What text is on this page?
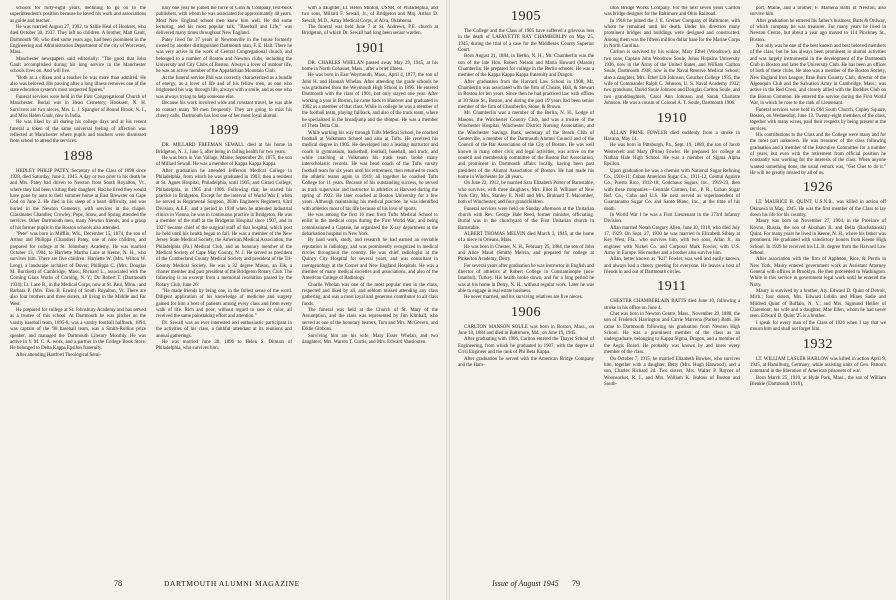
schools for forty-eight years, declining to go on to the superintendent's position because he loved his work and associations as guide and teacher.

He was married August 27, 1902, to Sallie Heal of Hookset, who died October 30, 1937. They left no children. A brother, Matt Gault, Dartmouth '90, who died some years ago, had been prominent in the Engineering and Administration Department of the city of Worcester, Mass.

Manchester newspapers said editorially: "The good that John Gault accomplished during his long service in the Manchester schools lives on. And will live.

"Both as a citizen and a teacher he was more than admired. He also was beloved. His passing after a long illness removes one of the state education system's most respected figures."

Funeral services were held in the First Congregational Church of Manchester. Burial was in Head Cemetery, Hooksett, N. H. Survivors are two nieces, Mrs. L. J. Spangler of Bound Brook, N. J., and Miss Helen Gault, now in India.

He was liked by all during his college days and at his recent funeral a token of the same universal feeling of affection was reflected at Manchester where pupils and teachers were dismissed from school to attend the services.

1898

HEDLEY PHILIP PATEY, Secretary of the Class of 1898 since 1928, died Saturday, June 2, 1945. A day or two prior to his death he and Mrs. Patey had driven to Newton from South Royalton, Vt., where they had been visiting their daughter. Had he lived they would have gone by auto to their summer home at East Brewster on Cape Cod on June 2. He died in his sleep of a heart difficulty, and was buried in the Newton Cemetery, with services in the chapel. Classmates Chandler, Crowley, Pope, Snow, and Spring attended the services. Other Dartmouth men, many Newton friends, and a group of his former pupils in the Boston schools also attended.

"Pete" was born in Mifflin, Wis., December 15, 1874, the son of Arthur and Philippa (Chandler) Patey, one of nine children, and prepared for college at St. Johnsbury Academy. He was married October 13, 1904, to Harriette Martha Lane at Keene, N. H., who survives him. There are five children: Harriette W. (Mrs. Wilton W. Long), a landscape architect of Dover; Phillippa C. (Mrs. Douglas M. Burckett) of Cambridge, Mass.; Richard L., associated with the Corning Glass Works of Corning, N. Y.; Dr. Robert T. (Dartmouth 1934); Lt. Lane B., in the Medical Corps, now at St. Paul, Minn.; and Barbara P. (Mrs. Elen B. Erwin) of South Royalton, Vt. There are also four brothers and three sisters, all living in the Middle and Far West.

He prepared for college at St. Johnsbury Academy and has served as a trustee of this school. At Dartmouth he was pitcher on the varsity baseball team, 1895-8, was a varsity football halfback, 1894, was captain of the '98 baseball team, was a Smith-Rollins prize speaker, and managed the Dartmouth Literary Monthly. He was active in Y. M. C. A. work, and a partner in the College Book Store. He belonged to Delta Kappa Epsilon fraternity.

After attending Hartford Theological Semi-

nary one year he joined the force of Ginn & Company, text-book publishers, with whom he was associated for approximately 40 years. Most New England school men knew him well. He did some lecturing, and his most popular talk, "Baseball and Life," was delivered many times throughout New England.

Patey lived for 37 years in Newtonville in the house formerly owned by another distinguished Dartmouth man, F. E. Hall. There he was very active in the work of Central Congregational church, and belonged to a number of Boston and Newton clubs, including the University and City Clubs of Boston. Always a lover of outdoor life, he was an active member of the Appalachian Mountain Club.

At the funeral service Phil was correctly characterized as a bundle of energy, as a lover of life and of his fellow men, as one who brightened his way through life, always with a smile, and as one who was always trying to help someone else.

Because his work involved wide and constant travel, he was able to contact many '98 men frequently. They are going to miss his cheery calls. Dartmouth has lost one of her most loyal alumni.

1899

DR. MILLARD FREEMAN SEWALL died at his home in Bridgeton, N. J., June 5, after being in failing health for two years.

He was born in Van Vallage, Maine, September 28, 1875, the son of Millard Sewall. He was a member of Kappa Kappa Kappa.

After graduation he attended Jefferson Medical College in Philadelphia, from which he was graduated in 1903; then a resident at St. Agnes Hospital, Philadelphia, until 1905, and Girard College, Philadelphia, in 1905 and 1906. Following that, he started his practice in Bridgeton. Except for the interval of World War I, when he served as Regimental Surgeon, 303th Engineers Regiment, 83rd Division, A.E.F., and a period in 1930 when he attended industrial clinics in Vienna, he was in continuous practice in Bridgeton. He was a member of the staff at the Bridgeton Hospital since 1907, and in 1927 became chief of the surgical staff of that hospital, which post he held until his health began to fail. He was a member of the New Jersey State Medical Society, the American Medical Association, the Philadelphia (Pa.) Medical Club, and an honorary member of the Medical Society of Cape May County, N. J. He served as president of the Cumberland County Medical Society and president of the Tri-County Medical Society. He was a 32 degree Mason, an Elk, a charter member and past president of the Bridgeton Rotary Club. The following is an excerpt from a memorial resolution passed by the Rotary Club, June 26:

"He made friends by being one, in the fullest sense of the word. Diligent application of his knowledge of medicine and surgery gained for him a host of patients among every class and from every walk of life. Rich and poor, without regard to race or color, all received the same painstaking effort and attention."

Dr. Sewall was an ever interested and enthusiastic participant in the activities of his class, a faithful attendant at its reunions and annual gatherings.

He was married June 30, 1896 to Helen S. Ditmars of Philadelphia, who survives him,

with a daughter, Lt. Helen Minton, USNR, of Philadelphia, and two sons, Millard F. Sewall, Jr., of Bridgeton and Maj. Arthur D. Sewall, M.D., Army Medical Corps, at Alva, Oklahoma.

The funeral was held June 7 at St. Andrews, P.E. church at Bridgeton, of which Dr. Sewall had long been senior warden.

1901

DR. CHARLES WHELAN passed away May 29, 1945, at his home in North Cohasset, Mass., after a brief illness.

He was born in East Weymouth, Mass., April 4, 1877, the son of John H. and Hannah Whelan. After attending the grade schools he was graduated from the Weymouth High School in 1896. He entered Dartmouth with the class of 1901, but only stayed one year. After working a year in Boston, he came back to Hanover and graduated in 1902 as a member of that class. While in college he was a member of the football team, playing fullback, and also of the track team, where he specialized in the broadjump and the shotput. He was a member of Theta Delta Chi.

While working his way through Tufts Medical School, he coached football at Volkmann School and also at Tufts. He received his medical degree in 1905. He developed into a leading instructor and coach in gymnasium, basketball, football, baseball, and track, and while coaching at Volkmann his track team broke many interscholastic records. He was head coach of the Tufts varsity football team for six years until his retirement, then returned to coach the athletic teams again in 1919; all together he coached Tufts College for 11 years. Because of his outstanding success, he served as track supervisor and instructor in athletics at Harvard during the spring of 1922. He later coached at Boston University for a few years. Although maintaining his medical practice, he was identified with athletics most of his life because of his love of sports.

He was among the first 16 men from Tufts Medical School to enlist in the medical corps during the First World War, and being commissioned a Captain, he organized the X-ray department at the debarkation hospital in New York.

By hard work, study, and research he had earned an enviable reputation in radiology, and was prominently recognized in medical circles throughout the country. He was chief radiologist at the Quincy City Hospital for several years, and was consultant in roentgenology at the Corner and New England Hospitals. He was a member of many medical societies and associations, and also of the American College of Radiology.

Charlie Whelan was one of the most popular men in the class, respected and liked by all, and seldom missed attending any class gathering, and was a most loyal and generous contributor to all class funds.

The funeral was held at the Church of St. Mary of the Assumption, and the class was represented by Jim Kimball, who served as one of the honorary bearers, Tom and Mrs. McGovern, and Eddie Gibbons.

Surviving him are his wife, Mary Esser Whelan, and two daughters, Mrs. Warren T. Curtis, and Mrs. Edward Vanslooten.

78	DARTMOUTH ALUMNI MAGAZINE
1905

The College and the Class of 1905 have suffered a grievous loss in the death of LAFAYETTE RAY CHAMBERLIN on May 25, 1945, during the trial of a case for the Middlesex County Superior Court.

Born August 21, 1884, in Berlin, N. H., Mr. Chamberlin was the son of the late Hon. Robert Nelson and Maria Howard (Mason) Chamberlin. He prepared for college in the Berlin schools. He was a member of the Kappa Kappa Kappa fraternity and Dragon.

After graduation from the Harvard Law School in 1908, Mr. Chamberlin was associated with the firm of Choate, Hall, & Stewart in Boston for ten years. Since then he had practiced law with offices at 30 State St., Boston, and during the past 19 years had been senior member of the firm of Chamberlin, Stone, & Brown.

Mr. Chamberlin was a member of the Berlin, N. H., Lodge of Masons, the Winchester Country Club, and was a trustee of the Winchester Hospital, Winchester District Nursing Association, and the Winchester Savings Bank, secretary of the Beach Club of Centerville, a member of the Dartmouth Alumni Council and of the Council of the Bar Association of the City of Boston. He was well known in many other civic and legal activities, was active on the council and membership committee of the Boston Bar Association, and prominent in Dartmouth affairs locally, having been past president of the Alumni Association of Boston. He had made his home in Winchester for 28 years.

On June 22, 1912, he married Sara Elizabeth Porter of Barnstable, who survives, with three daughters, Mrs. Eliot B. Willauer of New York City, Mrs. Stanley E. Neill and Mrs. Brainard T. Macomber, both of Winchester; and four grandchildren.

Funeral services were held on Sunday afternoon at the Unitarian church with Rev. George Hale Reed, former minister, officiating. Burial was in the churchyard of the First Unitarian church in Barnstable.

ALBERT THOMAS MELVIN died March 3, 1945, at the home of a niece in Orleans, Mass.

He was born in Chester, N. H., February 25, 1884, the son of John and Alice Maud (Smith) Melvin, and prepared for college at Pinkerton Academy, Derry.

For several years after graduation he was instructor in English and director of athletics at Robert College in Constantinople (now Istanbul), Turkey. His health broke down, and for a long period he was at his home in Derry, N. H., without regular work. Later he was able to engage in real estate business.

He never married, and his surviving relatives are five nieces.

1906

CARLTON MANSON SOULE was born in Boston, Mass., on June 10, 1884 and died in Baltimore, Md., on June 19, 1945.

After graduating with 1906, Carlton entered the Thayer School of Engineering, from which he graduated in 1907, with the degree of Civil Engineer and the rank of Phi Beta Kappa.

After graduation he served with the American Bridge Company and the Ham-

ilton Bridge Works Company. For the next seven years Carlton was bridge designer for the Baltimore and Ohio Railroad.

In 1918 he joined the J. E. Greiner Company of Baltimore, with whom he remained until his death. Under his direction many prominent bridges and buildings were designed and constructed. Among them was the fifteen million dollar base for the Marine Corps in North Carolina.

Carlton is survived by his widow, Mary Ethel (Woodrow), and two sons, Captain John Woodrow Soule, Johns Hopkins University 1936, now in the Army of the United States, and William Carlton Soule, Dartmouth 1938, now in the Naval Reserve Medical School; also a daughter, Mrs. Ethel Lib Johnson, Goucher College 1935, the wife of Commander Ralph C. Johnson, U. S. Naval Academy 1932; two grandsons, David Soule Johnson and Douglas Carlton Soule, and two granddaughters, Carol Ann Johnson and Sarah Charlotte Johnson. He was a cousin of Colonel A. T. Soule, Dartmouth 1906.

1910

ALLAN PRINE FOWLER died suddenly from a stroke in Havana, May 14.

He was born in Pittsburgh, Pa., Sept. 19, 1889, the son of Jacob Westervelt and Mary (Prine) Fowler. He prepared for college at Nathan Hale High School. He was a member of Sigma Alpha Epsilon.

Upon graduation he was a chemist with National Sugar Refining Co., 1910-11; Cuban American Sugar Co., 1911-12; Central Aguirre Co., Puerto Rico, 1912-18; Godchaux Sugars, Inc., 1919-23, then with these companies—Centrale Carmen, Inc., P. R., Cuban Sugar Ref. Co., Cuba and U.S. He next served as superintendent of Guantanamo Sugar Co. and Santo Blanc, Inc., at the time of his death.

In World War I he was a First Lieutenant in the 373rd Infantry Division.

Allan married Norah Gregory Allen, June 30, 1918, who died July 17, 1929. On Sept. 27, 1930 he was married to Elizabeth Sibley at Key West, Fla., who survives him, with two sons, Allan Jr., an engineer with Nickel Co. and Corporal Mark Fowler, with U.S. Army in Europe. His mother and a brother also survive him.

Allan, better known as "Kil" Fowler, was well and easily known, and always had a cheery greeting for everyone. He leaves a host of friends in and out of Dartmouth circles.

1911

CHESTER CHAMBERLAIN BATTS died June 10, following a stroke in his office on June 4.

Chet was born in Newton Centre, Mass., November 29, 1888, the son of Frederick Harrington and Carrie Marcena (Parker) Batts. He came to Dartmouth following his graduation from Newton High School. He was a prominent member of the class as an undergraduate, belonging to Kappa Sigma, Dragon, and a member of the Aegis Board. He probably was known by and knew every member of the class.

On October 7, 1915, he married Elizabeth Bowker, who survives him, together with a daughter, Betty (Mrs. Hugh Harwood), and a son, Charles Richard 2d. Two sisters, Mrs. Walter P. Rayner of Woonsocket, R. I., and Mrs. William K. Jealous of Boston and South-

port, Maine, and a brother, F. Marsena Batts of Newton, also survive him.

After graduation he entered his father's business, Batts & Ordway, of which company he was treasurer. For many years he lived in Newton Centre, but about a year ago moved to 114 Pinckney St., Boston.

Not only was he one of the best known and best beloved members of the class, but he has always been prominent in alumni activities and was largely instrumental in the development of the Dartmouth Club in Boston and later the University Club. He has been an officer of both of these clubs. He also was a member of the Boston Society, New England Iron League, Brae Burn Country Club, director of the Algonquin Club and the Salvation Army in Cambridge, Mass.; was active in the Red Cross, and closely allied with the Buddies Club on the Boston Common. He entered the service during the First World War, in which he rose to the rank of Lieutenant.

Funeral services were held in Old South Church, Copley Square, Boston, on Wednesday, June 13. Twenty-eight members of the class, together with many wives, paid their respects by being present at the services.

His contributions to the Class and the College were many and for the most part unknown. He was treasurer of the class following graduation and a member of the Executive Committee for a number of years, but even with the retirement from official position he constantly was working for the interests of the class. When anyone wanted something done, the usual remark was, "Get Chet to do it." He will be greatly missed by all of us.

1926

LT. MAURICE B. QUINT, U.S.N.R., was killed in action off Okinawa in May, 1945. He was the first member of the Class to lay down his life for his country.

Maury was born on November 27, 1904, in the Province of Kovno, Russia, the son of Abraham R. and Bella (Ruchabanski) Quint. For many years he lived in Keene, N. H., where his father was prominent. He graduated with valedictory honors from Keene High School. In 1929 he received his LL.B. degree from the Harvard Law School.

After association with the firm of Appleton, Rice, & Perrin in New York, Maury entered government work as Assistant Attorney General with offices in Brooklyn. He then proceeded to Washington. While in this service in government legal work until he entered the Navy.

Maury is survived by a brother, Aty. Edward D. Quint of Detroit, Mich.; four sisters, Mrs. Edward Lublin and Mines Sadie and Mildred Quint of Buffalo, N. Y.; and Mrs. Sigmund Hellier of Claremont; his wife and a daughter, Mae Ellen, whom he had never seen. Edward D. Quint '25 is a brother.

I speak for every man of the Class of 1926 when I say that we mourn him and shall not forget him.

1932

LT. WILLIAM LASLER HARLOW was killed in action April 9, 1945, at Hamilburg, Germany, while assisting units of Gen. Patton's command in the liberation of American prisoners of war.

Born March 25, 1910, at Hyde Park, Mass., the son of William Blenkie (Dartmouth 1910),

Issue of August 1945 79
